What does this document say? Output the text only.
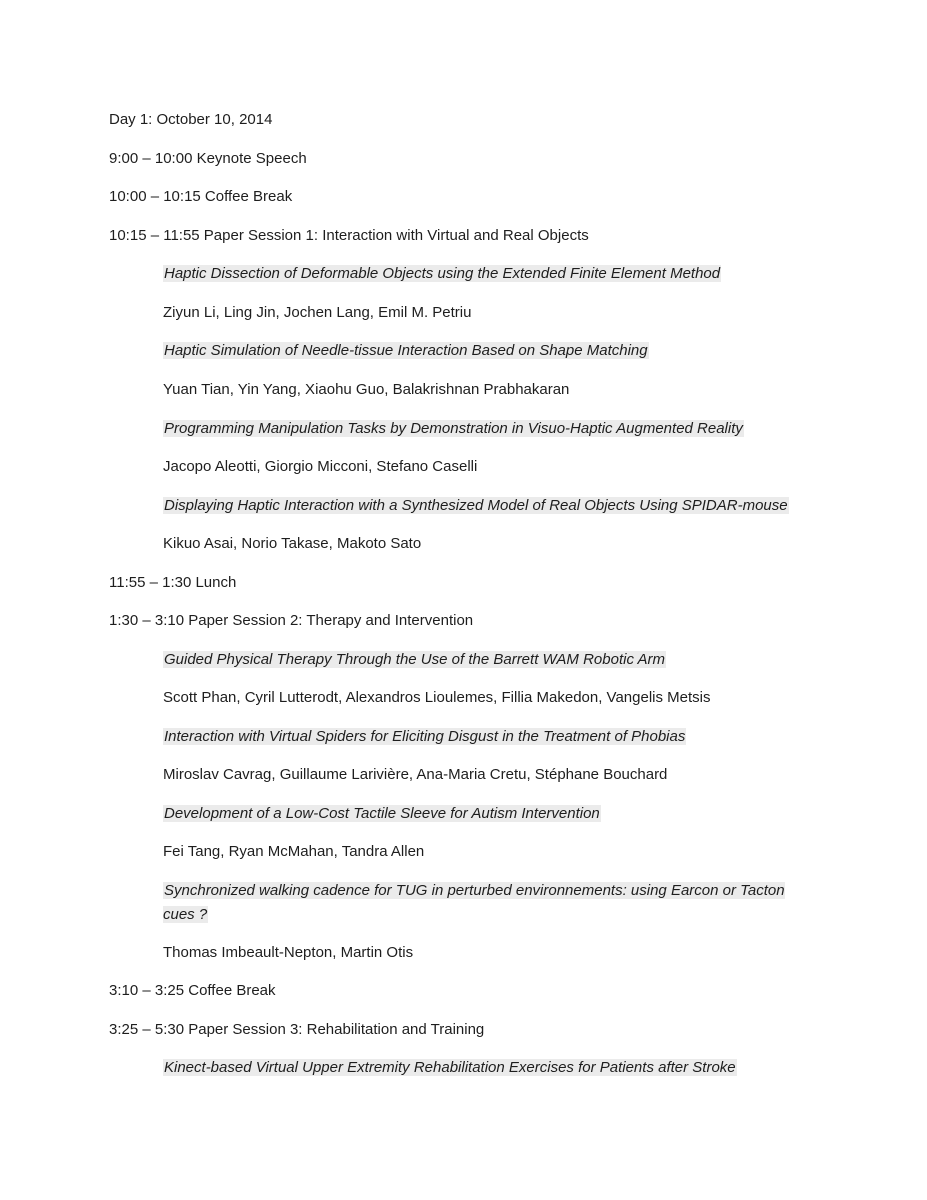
Day 1: October 10, 2014
9:00 – 10:00 Keynote Speech
10:00 – 10:15 Coffee Break
10:15 – 11:55 Paper Session 1: Interaction with Virtual and Real Objects
Haptic Dissection of Deformable Objects using the Extended Finite Element Method
Ziyun Li, Ling Jin, Jochen Lang, Emil M. Petriu
Haptic Simulation of Needle-tissue Interaction Based on Shape Matching
Yuan Tian, Yin Yang, Xiaohu Guo, Balakrishnan Prabhakaran
Programming Manipulation Tasks by Demonstration in Visuo-Haptic Augmented Reality
Jacopo Aleotti, Giorgio Micconi, Stefano Caselli
Displaying Haptic Interaction with a Synthesized Model of Real Objects Using SPIDAR-mouse
Kikuo Asai, Norio Takase, Makoto Sato
11:55 – 1:30 Lunch
1:30 – 3:10 Paper Session 2: Therapy and Intervention
Guided Physical Therapy Through the Use of the Barrett WAM Robotic Arm
Scott Phan, Cyril Lutterodt, Alexandros Lioulemes, Fillia Makedon, Vangelis Metsis
Interaction with Virtual Spiders for Eliciting Disgust in the Treatment of Phobias
Miroslav Cavrag, Guillaume Larivière, Ana-Maria Cretu, Stéphane Bouchard
Development of a Low-Cost Tactile Sleeve for Autism Intervention
Fei Tang, Ryan McMahan, Tandra Allen
Synchronized walking cadence for TUG in perturbed environnements: using Earcon or Tacton cues ?
Thomas Imbeault-Nepton, Martin Otis
3:10 – 3:25 Coffee Break
3:25 – 5:30 Paper Session 3: Rehabilitation and Training
Kinect-based Virtual Upper Extremity Rehabilitation Exercises for Patients after Stroke
